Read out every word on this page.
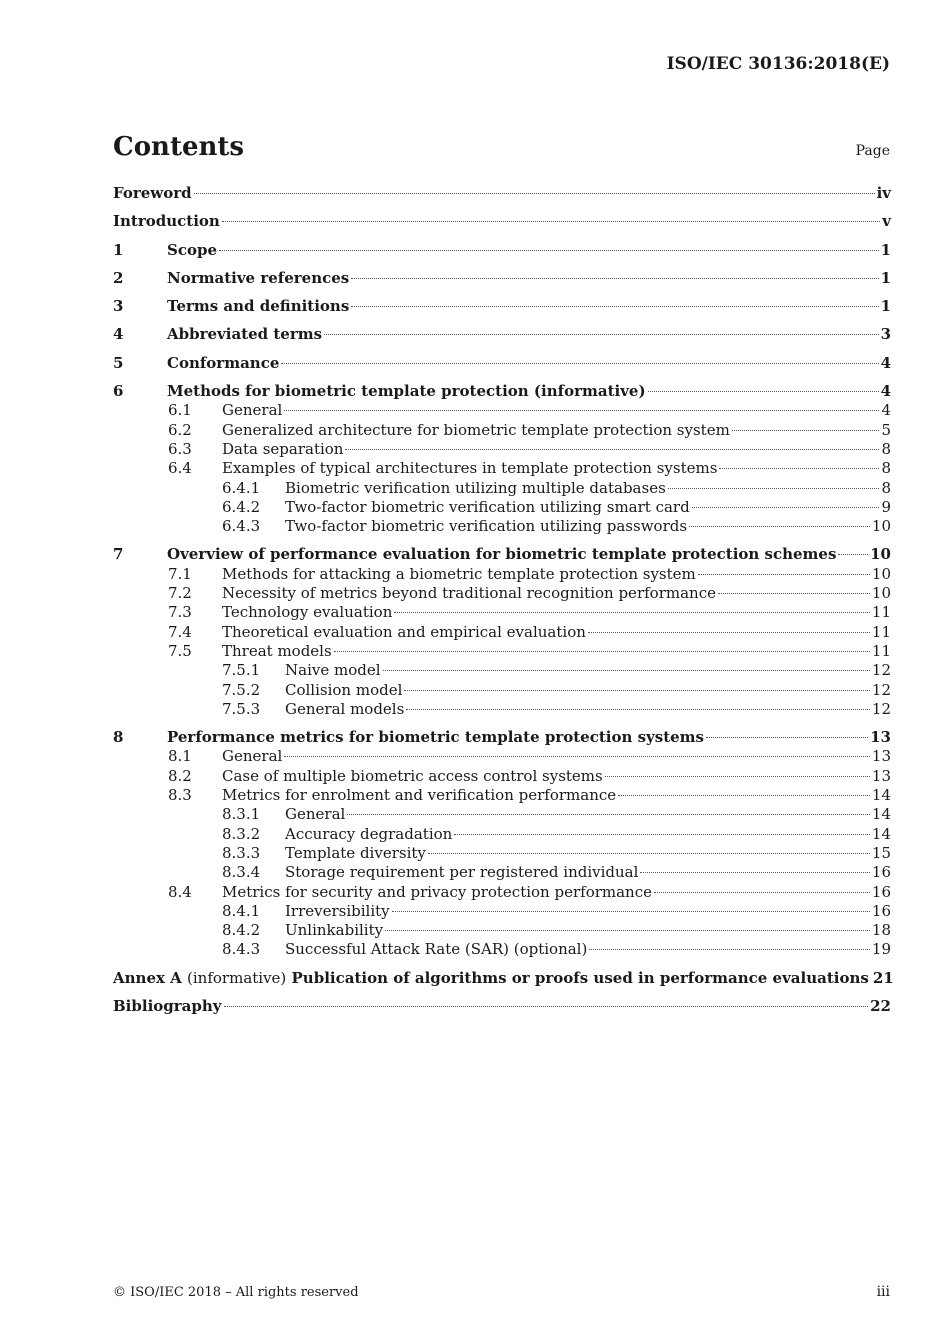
ISO/IEC 30136:2018(E)
Contents	Page
Foreword	iv
Introduction	v
1	Scope	1
2	Normative references	1
3	Terms and definitions	1
4	Abbreviated terms	3
5	Conformance	4
6	Methods for biometric template protection (informative)	4
6.1	General	4
6.2	Generalized architecture for biometric template protection system	5
6.3	Data separation	8
6.4	Examples of typical architectures in template protection systems	8
6.4.1	Biometric verification utilizing multiple databases	8
6.4.2	Two-factor biometric verification utilizing smart card	9
6.4.3	Two-factor biometric verification utilizing passwords	10
7	Overview of performance evaluation for biometric template protection schemes 10
7.1	Methods for attacking a biometric template protection system	10
7.2	Necessity of metrics beyond traditional recognition performance	10
7.3	Technology evaluation	11
7.4	Theoretical evaluation and empirical evaluation	11
7.5	Threat models	11
7.5.1	Naive model	12
7.5.2	Collision model	12
7.5.3	General models	12
8	Performance metrics for biometric template protection systems	13
8.1	General	13
8.2	Case of multiple biometric access control systems	13
8.3	Metrics for enrolment and verification performance	14
8.3.1	General	14
8.3.2	Accuracy degradation	14
8.3.3	Template diversity	15
8.3.4	Storage requirement per registered individual	16
8.4	Metrics for security and privacy protection performance	16
8.4.1	Irreversibility	16
8.4.2	Unlinkability	18
8.4.3	Successful Attack Rate (SAR) (optional)	19
Annex A (informative) Publication of algorithms or proofs used in performance evaluations 21
Bibliography	22
© ISO/IEC 2018 – All rights reserved	iii
